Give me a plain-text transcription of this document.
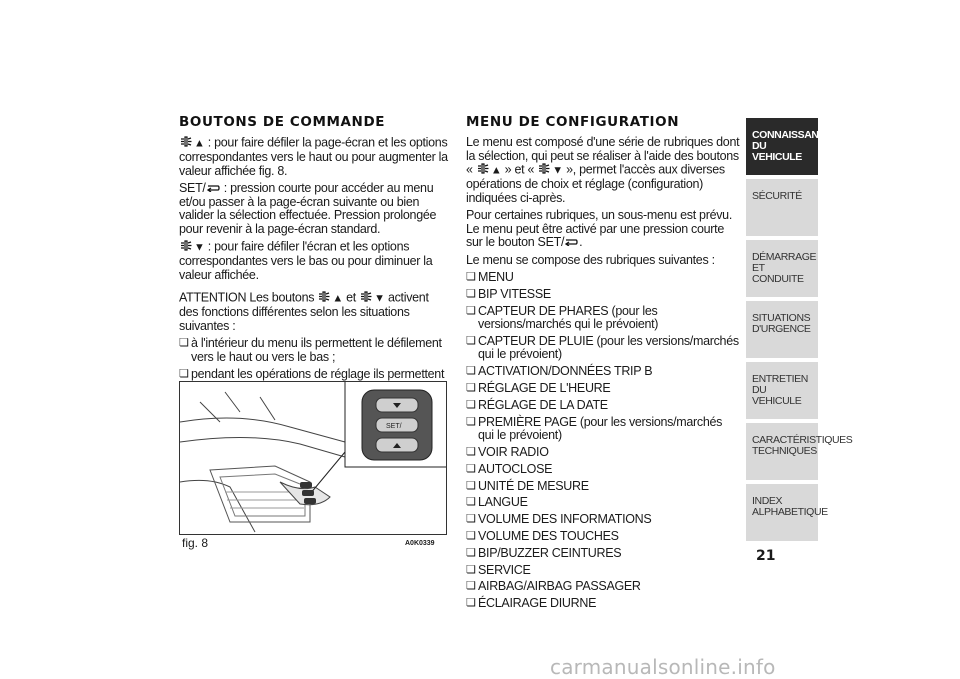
BOUTONS DE COMMANDE

▲ : pour faire défiler la page-écran et les options correspondantes vers le haut ou pour augmenter la valeur affichée fig. 8.

SET/ : pression courte pour accéder au menu et/ou passer à la page-écran suivante ou bien valider la sélection effectuée. Pression prolongée pour revenir à la page-écran standard.

▼ : pour faire défiler l'écran et les options correspondantes vers le bas ou pour diminuer la valeur affichée.

ATTENTION Les boutons ▲ et ▼ activent des fonctions différentes selon les situations suivantes :

❏ à l'intérieur du menu ils permettent le défilement vers le haut ou vers le bas ;
❏ pendant les opérations de réglage ils permettent
SET/
fig. 8	A0K0339
MENU DE CONFIGURATION

Le menu est composé d'une série de rubriques dont la sélection, qui peut se réaliser à l'aide des boutons « ▲ » et « ▼ », permet l'accès aux diverses opérations de choix et réglage (configuration) indiquées ci-après.

Pour certaines rubriques, un sous-menu est prévu. Le menu peut être activé par une pression courte sur le bouton SET/ .

Le menu se compose des rubriques suivantes :

❏ MENU
❏ BIP VITESSE
❏ CAPTEUR DE PHARES (pour les versions/marchés qui le prévoient)
❏ CAPTEUR DE PLUIE (pour les versions/marchés qui le prévoient)
❏ ACTIVATION/DONNÉES TRIP B
❏ RÉGLAGE DE L'HEURE
❏ RÉGLAGE DE LA DATE
❏ PREMIÈRE PAGE (pour les versions/marchés qui le prévoient)
❏ VOIR RADIO
❏ AUTOCLOSE
❏ UNITÉ DE MESURE
❏ LANGUE
❏ VOLUME DES INFORMATIONS
❏ VOLUME DES TOUCHES
❏ BIP/BUZZER CEINTURES
❏ SERVICE
❏ AIRBAG/AIRBAG PASSAGER
❏ ÉCLAIRAGE DIURNE
CONNAISSANCE DU VEHICULE
SÉCURITÉ
DÉMARRAGE ET CONDUITE
SITUATIONS D'URGENCE
ENTRETIEN DU VEHICULE
CARACTÉRISTIQUES TECHNIQUES
INDEX ALPHABETIQUE
21
carmanualsonline.info
